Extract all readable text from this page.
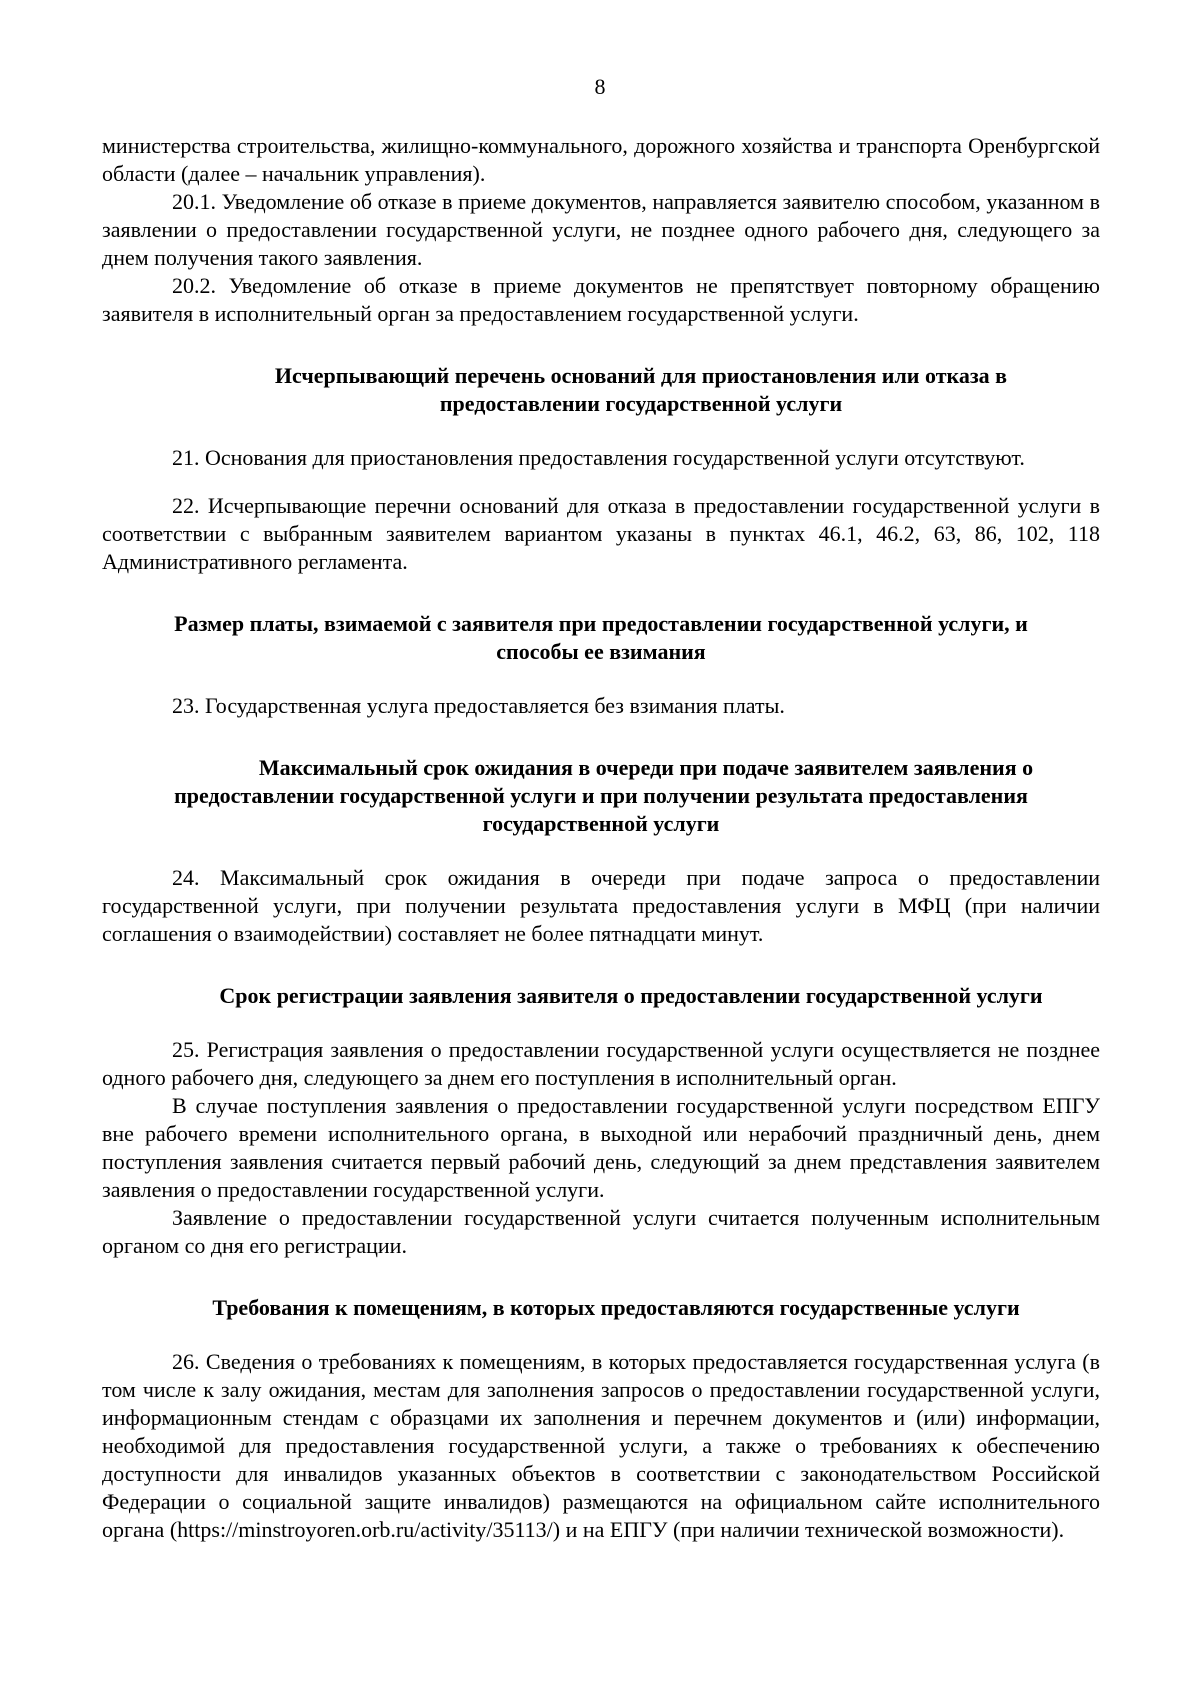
8

министерства строительства, жилищно-коммунального, дорожного хозяйства и транспорта Оренбургской области (далее – начальник управления).

20.1. Уведомление об отказе в приеме документов, направляется заявителю способом, указанном в заявлении о предоставлении государственной услуги, не позднее одного рабочего дня, следующего за днем получения такого заявления.

20.2. Уведомление об отказе в приеме документов не препятствует повторному обращению заявителя в исполнительный орган за предоставлением государственной услуги.

Исчерпывающий перечень оснований для приостановления или отказа в
предоставлении государственной услуги

21. Основания для приостановления предоставления государственной услуги отсутствуют.

22. Исчерпывающие перечни оснований для отказа в предоставлении государственной услуги в соответствии с выбранным заявителем вариантом указаны в пунктах 46.1, 46.2, 63, 86, 102, 118 Административного регламента.

Размер платы, взимаемой с заявителя при предоставлении государственной услуги, и
способы ее взимания

23. Государственная услуга предоставляется без взимания платы.

Максимальный срок ожидания в очереди при подаче заявителем заявления о
предоставлении государственной услуги и при получении результата предоставления
государственной услуги

24. Максимальный срок ожидания в очереди при подаче запроса о предоставлении государственной услуги, при получении результата предоставления услуги в МФЦ (при наличии соглашения о взаимодействии) составляет не более пятнадцати минут.

Срок регистрации заявления заявителя о предоставлении государственной услуги

25. Регистрация заявления о предоставлении государственной услуги осуществляется не позднее одного рабочего дня, следующего за днем его поступления в исполнительный орган.

В случае поступления заявления о предоставлении государственной услуги посредством ЕПГУ вне рабочего времени исполнительного органа, в выходной или нерабочий праздничный день, днем поступления заявления считается первый рабочий день, следующий за днем представления заявителем заявления о предоставлении государственной услуги.

Заявление о предоставлении государственной услуги считается полученным исполнительным органом со дня его регистрации.

Требования к помещениям, в которых предоставляются государственные услуги

26. Сведения о требованиях к помещениям, в которых предоставляется государственная услуга (в том числе к залу ожидания, местам для заполнения запросов о предоставлении государственной услуги, информационным стендам с образцами их заполнения и перечнем документов и (или) информации, необходимой для предоставления государственной услуги, а также о требованиях к обеспечению доступности для инвалидов указанных объектов в соответствии с законодательством Российской Федерации о социальной защите инвалидов) размещаются на официальном сайте исполнительного органа (https://minstroyoren.orb.ru/activity/35113/) и на ЕПГУ (при наличии технической возможности).
